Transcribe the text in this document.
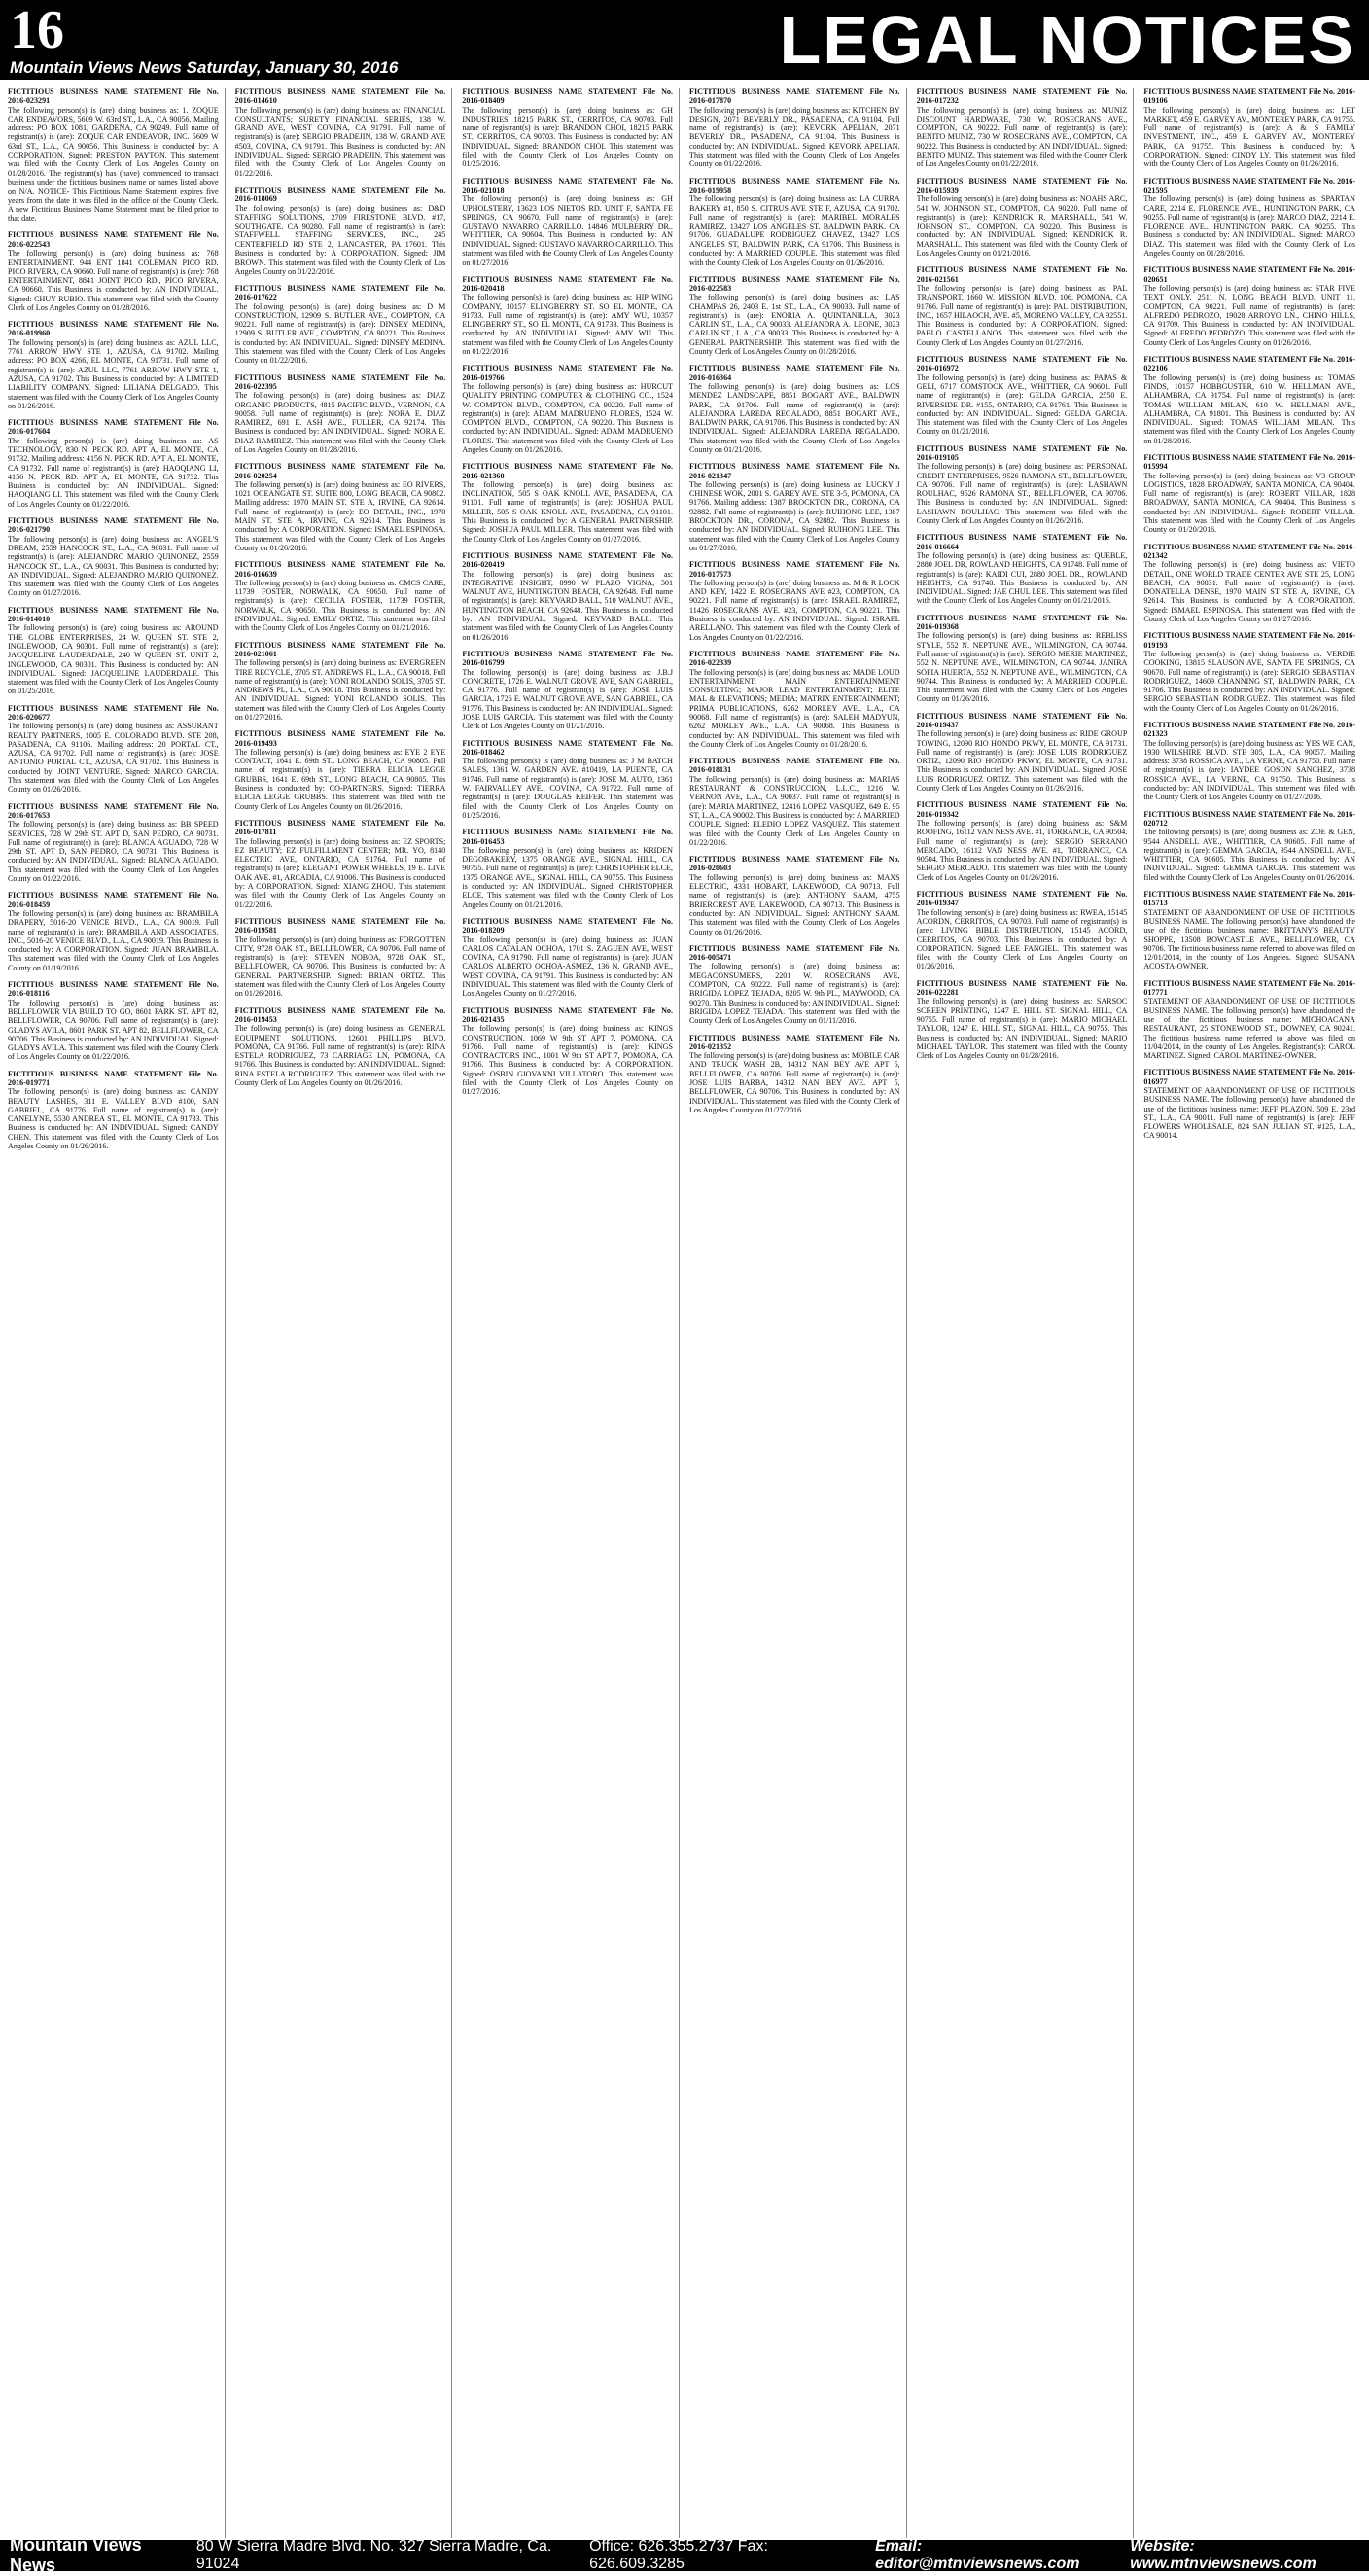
16
Mountain Views News Saturday, January 30, 2016	LEGAL NOTICES
FICTITIOUS BUSINESS NAME STATEMENT File No. 2016-023291
The following person(s) is (are) doing business as: 1. ZOQUE CAR ENDEAVORS, 5609 W. 63rd ST., L.A., CA 90056. Mailing address: PO BOX 1081, GARDENA, CA 90249. Full name of registrant(s) is (are): ZOQUE CAR ENDEAVOR, INC. 5609 W 63rd ST., L.A., CA 90056. This Business is conducted by: A CORPORATION. Signed: PRESTON PAYTON. This statement was filed with the County Clerk of Los Angeles County on 01/28/2016. The registrant(s) has (have) commenced to transact business under the fictitious business name or names listed above on N/A. NOTICE- This Fictitious Name Statement expires five years from the date it was filed in the office of the County Clerk. A new Fictitious Business Name Statement must be filed prior to that date.
FICTITIOUS BUSINESS NAME STATEMENT File No. 2016-022543
The following person(s) is (are) doing business as: 768 ENTERTAINMENT, 944 ENT 1841 COLEMAN PICO RD, PICO RIVERA, CA 90660. Full name of registrant(s) is (are): 768 ENTERTAINMENT, 8841 JOINT PICO RD., PICO RIVERA, CA 90660. This Business is conducted by: AN INDIVIDUAL. Signed: CHUY RUBIO. This statement was filed with the County Clerk of Los Angeles County on 01/28/2016.
FICTITIOUS BUSINESS NAME STATEMENT File No. 2016-019960
The following person(s) is (are) doing business as: AZUL LLC, 7761 ARROW HWY STE 1, AZUSA, CA 91702. Mailing address: PO BOX 4266, EL MONTE, CA 91731. Full name of registrant(s) is (are): AZUL LLC, 7761 ARROW HWY STE 1, AZUSA, CA 91702. This Business is conducted by: A LIMITED LIABILITY COMPANY. Signed: LILIANA DELGADO. This statement was filed with the County Clerk of Los Angeles County on 01/26/2016.
FICTITIOUS BUSINESS NAME STATEMENT File No. 2016-017604
The following person(s) is (are) doing business as: AS TECHNOLOGY, 830 N. PECK RD. APT A, EL MONTE, CA 91732. Mailing address: 4156 N. PECK RD. APT A, EL MONTE, CA 91732. Full name of registrant(s) is (are): HAOQIANG LI, 4156 N. PECK RD. APT A, EL MONTE, CA 91732. This Business is conducted by: AN INDIVIDUAL. Signed: HAOQIANG LI. This statement was filed with the County Clerk of Los Angeles County on 01/22/2016.
FICTITIOUS BUSINESS NAME STATEMENT File No. 2016-021790
The following person(s) is (are) doing business as: ANGEL'S DREAM, 2559 HANCOCK ST., L.A., CA 90031. Full name of registrant(s) is (are): ALEJANDRO MARIO QUINONEZ, 2559 HANCOCK ST., L.A., CA 90031. This Business is conducted by: AN INDIVIDUAL. Signed: ALEJANDRO MARIO QUINONEZ. This statement was filed with the County Clerk of Los Angeles County on 01/27/2016.
FICTITIOUS BUSINESS NAME STATEMENT File No. 2016-014010
The following person(s) is (are) doing business as: AROUND THE GLOBE ENTERPRISES, 24 W. QUEEN ST. STE 2, INGLEWOOD, CA 90301. Full name of registrant(s) is (are): JACQUELINE LAUDERDALE, 240 W QUEEN ST. UNIT 2, INGLEWOOD, CA 90301. This Business is conducted by: AN INDIVIDUAL. Signed: JACQUELINE LAUDERDALE. This statement was filed with the County Clerk of Los Angeles County on 01/25/2016.
FICTITIOUS BUSINESS NAME STATEMENT File No. 2016-020677
The following person(s) is (are) doing business as: ASSURANT REALTY PARTNERS, 1005 E. COLORADO BLVD. STE 208, PASADENA, CA 91106. Mailing address: 20 PORTAL CT., AZUSA, CA 91702. Full name of registrant(s) is (are): JOSE ANTONIO PORTAL CT., AZUSA, CA 91702. This Business is conducted by: JOINT VENTURE. Signed: MARCO GARCIA. This statement was filed with the County Clerk of Los Angeles County on 01/26/2016.
FICTITIOUS BUSINESS NAME STATEMENT File No. 2016-017653
The following person(s) is (are) doing business as: BB SPEED SERVICES, 728 W 29th ST. APT D, SAN PEDRO, CA 90731. Full name of registrant(s) is (are): BLANCA AGUADO, 728 W 29th ST. APT D, SAN PEDRO, CA 90731. This Business is conducted by: AN INDIVIDUAL. Signed: BLANCA AGUADO. This statement was filed with the County Clerk of Los Angeles County on 01/22/2016.
FICTITIOUS BUSINESS NAME STATEMENT File No. 2016-018459
The following person(s) is (are) doing business as: BRAMBILA DRAPERY, 5016-20 VENICE BLVD., L.A., CA 90019. Full name of registrant(s) is (are): BRAMBILA AND ASSOCIATES, INC., 5016-20 VENICE BLVD., L.A., CA 90019. This Business is conducted by: A CORPORATION. Signed: JUAN BRAMBILA. This statement was filed with the County Clerk of Los Angeles County on 01/19/2016.
FICTITIOUS BUSINESS NAME STATEMENT File No. 2016-018116
The following person(s) is (are) doing business as: BELLFLOWER VIA BUILD TO GO, 8601 PARK ST. APT 82, BELLFLOWER, CA 90706. Full name of registrant(s) is (are): GLADYS AVILA, 8601 PARK ST. APT 82, BELLFLOWER, CA 90706. This Business is conducted by: AN INDIVIDUAL. Signed: GLADYS AVILA. This statement was filed with the County Clerk of Los Angeles County on 01/22/2016.
FICTITIOUS BUSINESS NAME STATEMENT File No. 2016-019771
The following person(s) is (are) doing business as: CANDY BEAUTY LASHES, 311 E. VALLEY BLVD #100, SAN GABRIEL, CA 91776. Full name of registrant(s) is (are): CANELYNE, 5530 ANDREA ST., EL MONTE, CA 91733. This Business is conducted by: AN INDIVIDUAL. Signed: CANDY CHEN. This statement was filed with the County Clerk of Los Angeles County on 01/26/2016.
FICTITIOUS BUSINESS NAME STATEMENT File No. 2016-014610
The following person(s) is (are) doing business as: FINANCIAL CONSULTANTS; SURETY FINANCIAL SERIES, 138 W. GRAND AVE, WEST COVINA, CA 91791. Full name of registrant(s) is (are): SERGIO PRADEJIN, 138 W. GRAND AVE #503, COVINA, CA 91791. This Business is conducted by: AN INDIVIDUAL. Signed: SERGIO PRADEJIN. This statement was filed with the County Clerk of Los Angeles County on 01/22/2016.
FICTITIOUS BUSINESS NAME STATEMENT File No. 2016-018069
The following person(s) is (are) doing business as: D&D STAFFING SOLUTIONS, 2709 FIRESTONE BLVD. #17, SOUTHGATE, CA 90280. Full name of registrant(s) is (are): STAFFWELL STAFFING SERVICES, INC., 245 CENTERFIELD RD STE 2, LANCASTER, PA 17601. This Business is conducted by: A CORPORATION. Signed: JIM BROWN. This statement was filed with the County Clerk of Los Angeles County on 01/22/2016.
FICTITIOUS BUSINESS NAME STATEMENT File No. 2016-017622
The following person(s) is (are) doing business as: D M CONSTRUCTION, 12909 S. BUTLER AVE., COMPTON, CA 90221. Full name of registrant(s) is (are): DINSEY MEDINA, 12909 S. BUTLER AVE., COMPTON, CA 90221. This Business is conducted by: AN INDIVIDUAL. Signed: DINSEY MEDINA. This statement was filed with the County Clerk of Los Angeles County on 01/22/2016.
FICTITIOUS BUSINESS NAME STATEMENT File No. 2016-022395
The following person(s) is (are) doing business as: DIAZ ORGANIC PRODUCTS, 4815 PACIFIC BLVD., VERNON, CA 90058. Full name of registrant(s) is (are): NORA E. DIAZ RAMIREZ, 691 E. ASH AVE., FULLER, CA 92174. This Business is conducted by: AN INDIVIDUAL. Signed: NORA E. DIAZ RAMIREZ. This statement was filed with the County Clerk of Los Angeles County on 01/28/2016.
FICTITIOUS BUSINESS NAME STATEMENT File No. 2016-020254
The following person(s) is (are) doing business as: EO RIVERS, 1021 OCEANGATE ST. SUITE 800, LONG BEACH, CA 90802. Mailing address: 1970 MAIN ST. STE A, IRVINE, CA 92614. Full name of registrant(s) is (are): EO DETAIL, INC., 1970 MAIN ST. STE A, IRVINE, CA 92614. This Business is conducted by: A CORPORATION. Signed: ISMAEL ESPINOSA. This statement was filed with the County Clerk of Los Angeles County on 01/26/2016.
FICTITIOUS BUSINESS NAME STATEMENT File No. 2016-016639
The following person(s) is (are) doing business as: CMCS CARE, 11739 FOSTER, NORWALK, CA 90650. Full name of registrant(s) is (are): CECILIA FOSTER, 11739 FOSTER, NORWALK, CA 90650. This Business is conducted by: AN INDIVIDUAL. Signed: EMILY ORTIZ. This statement was filed with the County Clerk of Los Angeles County on 01/21/2016.
FICTITIOUS BUSINESS NAME STATEMENT File No. 2016-021061
The following person(s) is (are) doing business as: EVERGREEN TIRE RECYCLE, 3705 ST. ANDREWS PL, L.A., CA 90018. Full name of registrant(s) is (are): YONI ROLANDO SOLIS, 3705 ST. ANDREWS PL, L.A., CA 90018. This Business is conducted by: AN INDIVIDUAL. Signed: YONI ROLANDO SOLIS. This statement was filed with the County Clerk of Los Angeles County on 01/27/2016.
FICTITIOUS BUSINESS NAME STATEMENT File No. 2016-019493
The following person(s) is (are) doing business as: EYE 2 EYE CONTACT, 1641 E. 69th ST., LONG BEACH, CA 90805. Full name of registrant(s) is (are): TIERRA ELICIA LEGGE GRUBBS, 1641 E. 69th ST., LONG BEACH, CA 90805. This Business is conducted by: CO-PARTNERS. Signed: TIERRA ELICIA LEGGE GRUBBS. This statement was filed with the County Clerk of Los Angeles County on 01/26/2016.
FICTITIOUS BUSINESS NAME STATEMENT File No. 2016-017811
The following person(s) is (are) doing business as: EZ SPORTS; EZ BEAUTY; EZ FULFILLMENT CENTER; MR. YO, 8140 ELECTRIC AVE, ONTARIO, CA 91764. Full name of registrant(s) is (are): ELEGANT POWER WHEELS, 19 E. LIVE OAK AVE. #1, ARCADIA, CA 91006. This Business is conducted by: A CORPORATION. Signed: XIANG ZHOU. This statement was filed with the County Clerk of Los Angeles County on 01/22/2016.
FICTITIOUS BUSINESS NAME STATEMENT File No. 2016-019581
The following person(s) is (are) doing business as: FORGOTTEN CITY, 9728 OAK ST., BELLFLOWER, CA 90706. Full name of registrant(s) is (are): STEVEN NOBOA, 9728 OAK ST., BELLFLOWER, CA 90706. This Business is conducted by: A GENERAL PARTNERSHIP. Signed: BRIAN ORTIZ. This statement was filed with the County Clerk of Los Angeles County on 01/26/2016.
FICTITIOUS BUSINESS NAME STATEMENT File No. 2016-019453
The following person(s) is (are) doing business as: GENERAL EQUIPMENT SOLUTIONS, 12601 PHILLIPS BLVD, POMONA, CA 91766. Full name of registrant(s) is (are): RINA ESTELA RODRIGUEZ, 73 CARRIAGE LN, POMONA, CA 91766. This Business is conducted by: AN INDIVIDUAL. Signed: RINA ESTELA RODRIGUEZ. This statement was filed with the County Clerk of Los Angeles County on 01/26/2016.
FICTITIOUS BUSINESS NAME STATEMENT File No. 2016-018409
The following person(s) is (are) doing business as: GH INDUSTRIES, 18215 PARK ST., CERRITOS, CA 90703. Full name of registrant(s) is (are): BRANDON CHOI, 18215 PARK ST., CERRITOS, CA 90703. This Business is conducted by: AN INDIVIDUAL. Signed: BRANDON CHOI. This statement was filed with the County Clerk of Los Angeles County on 01/25/2016.
FICTITIOUS BUSINESS NAME STATEMENT File No. 2016-021018
The following person(s) is (are) doing business as: GH UPHOLSTERY, 13623 LOS NIETOS RD. UNIT F, SANTA FE SPRINGS, CA 90670. Full name of registrant(s) is (are): GUSTAVO NAVARRO CARRILLO, 14846 MULBERRY DR., WHITTIER, CA 90604. This Business is conducted by: AN INDIVIDUAL. Signed: GUSTAVO NAVARRO CARRILLO. This statement was filed with the County Clerk of Los Angeles County on 01/27/2016.
FICTITIOUS BUSINESS NAME STATEMENT File No. 2016-020418
The following person(s) is (are) doing business as: HIP WING COMPANY, 10157 ELINGBERRY ST. SO EL MONTE, CA 91733. Full name of registrant(s) is (are): AMY WU, 10357 ELINGBERRY ST., SO EL MONTE, CA 91733. This Business is conducted by: AN INDIVIDUAL. Signed: AMY WU. This statement was filed with the County Clerk of Los Angeles County on 01/22/2016.
FICTITIOUS BUSINESS NAME STATEMENT File No. 2016-019766
The following person(s) is (are) doing business as: HURCUT QUALITY PRINTING COMPUTER & CLOTHING CO., 1524 W. COMPTON BLVD., COMPTON, CA 90220. Full name of registrant(s) is (are): ADAM MADRUENO FLORES, 1524 W. COMPTON BLVD., COMPTON, CA 90220. This Business is conducted by: AN INDIVIDUAL. Signed: ADAM MADRUENO FLORES. This statement was filed with the County Clerk of Los Angeles County on 01/26/2016.
FICTITIOUS BUSINESS NAME STATEMENT File No. 2016-021360
The following person(s) is (are) doing business as: INCLINATION, 505 S OAK KNOLL AVE, PASADENA, CA 91101. Full name of registrant(s) is (are): JOSHUA PAUL MILLER, 505 S OAK KNOLL AVE, PASADENA, CA 91101. This Business is conducted by: A GENERAL PARTNERSHIP. Signed: JOSHUA PAUL MILLER. This statement was filed with the County Clerk of Los Angeles County on 01/27/2016.
FICTITIOUS BUSINESS NAME STATEMENT File No. 2016-020419
The following person(s) is (are) doing business as: INTEGRATIVE INSIGHT, 8990 W PLAZO VIGNA, 501 WALNUT AVE, HUNTINGTON BEACH, CA 92648. Full name of registrant(s) is (are): KEYVARD BALL, 510 WALNUT AVE., HUNTINGTON BEACH, CA 92648. This Business is conducted by: AN INDIVIDUAL. Signed: KEYVARD BALL. This statement was filed with the County Clerk of Los Angeles County on 01/26/2016.
FICTITIOUS BUSINESS NAME STATEMENT File No. 2016-016799
The following person(s) is (are) doing business as: J.B.J CONCRETE, 1726 E. WALNUT GROVE AVE, SAN GABRIEL, CA 91776. Full name of registrant(s) is (are): JOSE LUIS GARCIA, 1726 E. WALNUT GROVE AVE, SAN GABRIEL, CA 91776. This Business is conducted by: AN INDIVIDUAL. Signed: JOSE LUIS GARCIA. This statement was filed with the County Clerk of Los Angeles County on 01/21/2016.
FICTITIOUS BUSINESS NAME STATEMENT File No. 2016-018462
The following person(s) is (are) doing business as: J M BATCH SALES, 1361 W. GARDEN AVE. #10419, LA PUENTE, CA 91746. Full name of registrant(s) is (are): JOSE M. AUTO, 1361 W. FAIRVALLEY AVE., COVINA, CA 91722. Full name of registrant(s) is (are): DOUGLAS KEIFER. This statement was filed with the County Clerk of Los Angeles County on 01/25/2016.
FICTITIOUS BUSINESS NAME STATEMENT File No. 2016-016453
The following person(s) is (are) doing business as: KRIDEN DEGOBAKERY, 1375 ORANGE AVE., SIGNAL HILL, CA 90755. Full name of registrant(s) is (are): CHRISTOPHER ELCE, 1375 ORANGE AVE., SIGNAL HILL, CA 90755. This Business is conducted by: AN INDIVIDUAL. Signed: CHRISTOPHER ELCE. This statement was filed with the County Clerk of Los Angeles County on 01/21/2016.
FICTITIOUS BUSINESS NAME STATEMENT File No. 2016-018209
The following person(s) is (are) doing business as: JUAN CARLOS CATALAN OCHOA, 1701 S. ZAGUEN AVE, WEST COVINA, CA 91790. Full name of registrant(s) is (are): JUAN CARLOS ALBERTO OCHOA-ASMEZ, 136 N. GRAND AVE., WEST COVINA, CA 91791. This Business is conducted by: AN INDIVIDUAL. This statement was filed with the County Clerk of Los Angeles County on 01/27/2016.
FICTITIOUS BUSINESS NAME STATEMENT File No. 2016-021435
The following person(s) is (are) doing business as: KINGS CONSTRUCTION, 1069 W 9th ST APT 7, POMONA, CA 91766. Full name of registrant(s) is (are): KINGS CONTRACTORS INC., 1001 W 9th ST APT 7, POMONA, CA 91766. This Business is conducted by: A CORPORATION. Signed: OSBIN GIOVANNI VILLATORO. This statement was filed with the County Clerk of Los Angeles County on 01/27/2016.
FICTITIOUS BUSINESS NAME STATEMENT File No. 2016-017870
The following person(s) is (are) doing business as: KITCHEN BY DESIGN, 2071 BEVERLY DR., PASADENA, CA 91104. Full name of registrant(s) is (are): KEVORK APELIAN, 2071 BEVERLY DR., PASADENA, CA 91104. This Business is conducted by: AN INDIVIDUAL. Signed: KEVORK APELIAN. This statement was filed with the County Clerk of Los Angeles County on 01/22/2016.
FICTITIOUS BUSINESS NAME STATEMENT File No. 2016-019958
The following person(s) is (are) doing business as: LA CURRA BAKERY #1, 850 S. CITRUS AVE STE F, AZUSA, CA 91702. Full name of registrant(s) is (are): MARIBEL MORALES RAMIREZ, 13427 LOS ANGELES ST, BALDWIN PARK, CA 91706. GUADALUPE RODRIGUEZ CHAVEZ, 13427 LOS ANGELES ST, BALDWIN PARK, CA 91706. This Business is conducted by: A MARRIED COUPLE. This statement was filed with the County Clerk of Los Angeles County on 01/26/2016.
FICTITIOUS BUSINESS NAME STATEMENT File No. 2016-022583
The following person(s) is (are) doing business as: LAS CHAMPAS 26, 2403 E. 1st ST., L.A., CA 90033. Full name of registrant(s) is (are): ENORIA A. QUINTANILLA, 3023 CARLIN ST., L.A., CA 90033. ALEJANDRA A. LEONE, 3023 CARLIN ST., L.A., CA 90033. This Business is conducted by: A GENERAL PARTNERSHIP. This statement was filed with the County Clerk of Los Angeles County on 01/28/2016.
FICTITIOUS BUSINESS NAME STATEMENT File No. 2016-016364
The following person(s) is (are) doing business as: LOS MENDEZ LANDSCAPE, 8851 BOGART AVE., BALDWIN PARK, CA 91706. Full name of registrant(s) is (are): ALEJANDRA LAREDA REGALADO, 8851 BOGART AVE., BALDWIN PARK, CA 91706. This Business is conducted by: AN INDIVIDUAL. Signed: ALEJANDRA LAREDA REGALADO. This statement was filed with the County Clerk of Los Angeles County on 01/21/2016.
FICTITIOUS BUSINESS NAME STATEMENT File No. 2016-021347
The following person(s) is (are) doing business as: LUCKY J CHINESE WOK, 2001 S. GAREY AVE. STE 3-5, POMONA, CA 91766. Mailing address: 1387 BROCKTON DR., CORONA, CA 92882. Full name of registrant(s) is (are): RUIHONG LEE, 1387 BROCKTON DR., CORONA, CA 92882. This Business is conducted by: AN INDIVIDUAL. Signed: RUIHONG LEE. This statement was filed with the County Clerk of Los Angeles County on 01/27/2016.
FICTITIOUS BUSINESS NAME STATEMENT File No. 2016-017573
The following person(s) is (are) doing business as: M & R LOCK AND KEY, 1422 E. ROSECRANS AVE #23, COMPTON, CA 90221. Full name of registrant(s) is (are): ISRAEL RAMIREZ, 11426 ROSECRANS AVE. #23, COMPTON, CA 90221. This Business is conducted by: AN INDIVIDUAL. Signed: ISRAEL ARELLANO. This statement was filed with the County Clerk of Los Angeles County on 01/22/2016.
FICTITIOUS BUSINESS NAME STATEMENT File No. 2016-022339
The following person(s) is (are) doing business as: MADE LOUD ENTERTAINMENT; MAIN ENTERTAINMENT CONSULTING; MAJOR LEAD ENTERTAINMENT; ELITE MAL & ELEVATIONS; MEDIA; MATRIX ENTERTAINMENT; PRIMA PUBLICATIONS, 6262 MORLEY AVE., L.A., CA 90068. Full name of registrant(s) is (are): SALEH MADYUN, 6262 MORLEY AVE., L.A., CA 90068. This Business is conducted by: AN INDIVIDUAL. This statement was filed with the County Clerk of Los Angeles County on 01/28/2016.
FICTITIOUS BUSINESS NAME STATEMENT File No. 2016-018131
The following person(s) is (are) doing business as: MARIAS RESTAURANT & CONSTRUCCION, L.L.C., 1216 W. VERNON AVE, L.A., CA 90037. Full name of registrant(s) is (are): MARIA MARTINEZ, 12416 LOPEZ VASQUEZ, 649 E. 95 ST, L.A., CA 90002. This Business is conducted by: A MARRIED COUPLE. Signed: ELEDIO LOPEZ VASQUEZ. This statement was filed with the County Clerk of Los Angeles County on 01/22/2016.
FICTITIOUS BUSINESS NAME STATEMENT File No. 2016-020603
The following person(s) is (are) doing business as: MAXS ELECTRIC, 4331 HOBART, LAKEWOOD, CA 90713. Full name of registrant(s) is (are): ANTHONY SAAM, 4755 BRIERCREST AVE, LAKEWOOD, CA 90713. This Business is conducted by: AN INDIVIDUAL. Signed: ANTHONY SAAM. This statement was filed with the County Clerk of Los Angeles County on 01/26/2016.
FICTITIOUS BUSINESS NAME STATEMENT File No. 2016-005471
The following person(s) is (are) doing business as: MEGACONSUMERS, 2201 W. ROSECRANS AVE, COMPTON, CA 90222. Full name of registrant(s) is (are): BRIGIDA LOPEZ TEJADA, 8205 W. 9th PL., MAYWOOD, CA 90270. This Business is conducted by: AN INDIVIDUAL. Signed: BRIGIDA LOPEZ TEJADA. This statement was filed with the County Clerk of Los Angeles County on 01/11/2016.
FICTITIOUS BUSINESS NAME STATEMENT File No. 2016-021352
The following person(s) is (are) doing business as: MOBILE CAR AND TRUCK WASH 2B, 14312 NAN BEY AVE APT 5, BELLFLOWER, CA 90706. Full name of registrant(s) is (are): JOSE LUIS BARBA, 14312 NAN BEY AVE. APT 5, BELLFLOWER, CA 90706. This Business is conducted by: AN INDIVIDUAL. This statement was filed with the County Clerk of Los Angeles County on 01/27/2016.
FICTITIOUS BUSINESS NAME STATEMENT File No. 2016-017232
The following person(s) is (are) doing business as: MUNIZ DISCOUNT HARDWARE, 730 W. ROSECRANS AVE., COMPTON, CA 90222. Full name of registrant(s) is (are): BENITO MUNIZ, 730 W. ROSECRANS AVE., COMPTON, CA 90222. This Business is conducted by: AN INDIVIDUAL. Signed: BENITO MUNIZ. This statement was filed with the County Clerk of Los Angeles County on 01/22/2016.
FICTITIOUS BUSINESS NAME STATEMENT File No. 2016-015939
The following person(s) is (are) doing business as: NOAHS ARC, 541 W. JOHNSON ST., COMPTON, CA 90220. Full name of registrant(s) is (are): KENDRICK R. MARSHALL, 541 W. JOHNSON ST., COMPTON, CA 90220. This Business is conducted by: AN INDIVIDUAL. Signed: KENDRICK R. MARSHALL. This statement was filed with the County Clerk of Los Angeles County on 01/21/2016.
FICTITIOUS BUSINESS NAME STATEMENT File No. 2016-021561
The following person(s) is (are) doing business as: PAL TRANSPORT, 1660 W. MISSION BLVD. 106, POMONA, CA 91766. Full name of registrant(s) is (are): PAL DISTRIBUTION, INC., 1657 HILAOCH, AVE. #5, MORENO VALLEY, CA 92551. This Business is conducted by: A CORPORATION. Signed: PABLO CASTELLANOS. This statement was filed with the County Clerk of Los Angeles County on 01/27/2016.
FICTITIOUS BUSINESS NAME STATEMENT File No. 2016-016972
The following person(s) is (are) doing business as: PAPAS & GELI, 6717 COMSTOCK AVE., WHITTIER, CA 90601. Full name of registrant(s) is (are): GELDA GARCIA, 2550 E. RIVERSIDE DR. #155, ONTARIO, CA 91761. This Business is conducted by: AN INDIVIDUAL. Signed: GELDA GARCIA. This statement was filed with the County Clerk of Los Angeles County on 01/21/2016.
FICTITIOUS BUSINESS NAME STATEMENT File No. 2016-019105
The following person(s) is (are) doing business as: PERSONAL CREDIT ENTERPRISES, 9526 RAMONA ST., BELLFLOWER, CA 90706. Full name of registrant(s) is (are): LASHAWN ROULHAC, 9526 RAMONA ST., BELLFLOWER, CA 90706. This Business is conducted by: AN INDIVIDUAL. Signed: LASHAWN ROULHAC. This statement was filed with the County Clerk of Los Angeles County on 01/26/2016.
FICTITIOUS BUSINESS NAME STATEMENT File No. 2016-016664
The following person(s) is (are) doing business as: QUEBLE, 2880 JOEL DR, ROWLAND HEIGHTS, CA 91748. Full name of registrant(s) is (are): KAIDI CUI, 2880 JOEL DR., ROWLAND HEIGHTS, CA 91748. This Business is conducted by: AN INDIVIDUAL. Signed: JAE CHUL LEE. This statement was filed with the County Clerk of Los Angeles County on 01/21/2016.
FICTITIOUS BUSINESS NAME STATEMENT File No. 2016-019368
The following person(s) is (are) doing business as: REBLISS STYLE, 552 N. NEPTUNE AVE., WILMINGTON, CA 90744. Full name of registrant(s) is (are): SERGIO MERIE MARTINEZ, 552 N. NEPTUNE AVE., WILMINGTON, CA 90744. JANIRA SOFIA HUERTA, 552 N. NEPTUNE AVE., WILMINGTON, CA 90744. This Business is conducted by: A MARRIED COUPLE. This statement was filed with the County Clerk of Los Angeles County on 01/26/2016.
FICTITIOUS BUSINESS NAME STATEMENT File No. 2016-019437
The following person(s) is (are) doing business as: RIDE GROUP TOWING, 12090 RIO HONDO PKWY, EL MONTE, CA 91731. Full name of registrant(s) is (are): JOSE LUIS RODRIGUEZ ORTIZ, 12090 RIO HONDO PKWY, EL MONTE, CA 91731. This Business is conducted by: AN INDIVIDUAL. Signed: JOSE LUIS RODRIGUEZ ORTIZ. This statement was filed with the County Clerk of Los Angeles County on 01/26/2016.
FICTITIOUS BUSINESS NAME STATEMENT File No. 2016-019342
The following person(s) is (are) doing business as: S&M ROOFING, 16112 VAN NESS AVE. #1, TORRANCE, CA 90504. Full name of registrant(s) is (are): SERGIO SERRANO MERCADO, 16112 VAN NESS AVE. #1, TORRANCE, CA 90504. This Business is conducted by: AN INDIVIDUAL. Signed: SERGIO MERCADO. This statement was filed with the County Clerk of Los Angeles County on 01/26/2016.
FICTITIOUS BUSINESS NAME STATEMENT File No. 2016-019347
The following person(s) is (are) doing business as: RWEA, 15145 ACORDN, CERRITOS, CA 90703. Full name of registrant(s) is (are): LIVING BIBLE DISTRIBUTION, 15145 ACORD, CERRITOS, CA 90703. This Business is conducted by: A CORPORATION. Signed: LEE FANGIEL. This statement was filed with the County Clerk of Los Angeles County on 01/26/2016.
FICTITIOUS BUSINESS NAME STATEMENT File No. 2016-022281
The following person(s) is (are) doing business as: SARSOC SCREEN PRINTING, 1247 E. HILL ST. SIGNAL HILL, CA 90755. Full name of registrant(s) is (are): MARIO MICHAEL TAYLOR, 1247 E. HILL ST., SIGNAL HILL, CA 90755. This Business is conducted by: AN INDIVIDUAL. Signed: MARIO MICHAEL TAYLOR. This statement was filed with the County Clerk of Los Angeles County on 01/28/2016.
FICTITIOUS BUSINESS NAME STATEMENT File No. 2016-019106
The following person(s) is (are) doing business as: LET MARKET, 459 E. GARVEY AV., MONTEREY PARK, CA 91755. Full name of registrant(s) is (are): A & S FAMILY INVESTMENT, INC., 459 E. GARVEY AV., MONTEREY PARK, CA 91755. This Business is conducted by: A CORPORATION. Signed: CINDY LY. This statement was filed with the County Clerk of Los Angeles County on 01/26/2016.
FICTITIOUS BUSINESS NAME STATEMENT File No. 2016-021595
The following person(s) is (are) doing business as: SPARTAN CARE, 2214 E. FLORENCE AVE., HUNTINGTON PARK, CA 90255. Full name of registrant(s) is (are): MARCO DIAZ, 2214 E. FLORENCE AVE., HUNTINGTON PARK, CA 90255. This Business is conducted by: AN INDIVIDUAL. Signed: MARCO DIAZ. This statement was filed with the County Clerk of Los Angeles County on 01/28/2016.
FICTITIOUS BUSINESS NAME STATEMENT File No. 2016-020651
The following person(s) is (are) doing business as: STAR FIVE TEXT ONLY, 2511 N. LONG BEACH BLVD. UNIT 11, COMPTON, CA 90221. Full name of registrant(s) is (are): ALFREDO PEDROZO, 19028 ARROYO LN., CHINO HILLS, CA 91709. This Business is conducted by: AN INDIVIDUAL. Signed: ALFREDO PEDROZO. This statement was filed with the County Clerk of Los Angeles County on 01/26/2016.
FICTITIOUS BUSINESS NAME STATEMENT File No. 2016-022106
The following person(s) is (are) doing business as: TOMAS FINDS, 10157 HOBBGUSTER, 610 W. HELLMAN AVE., ALHAMBRA, CA 91754. Full name of registrant(s) is (are): TOMAS WILLIAM MILAN, 610 W. HELLMAN AVE., ALHAMBRA, CA 91801. This Business is conducted by: AN INDIVIDUAL. Signed: TOMAS WILLIAM MILAN. This statement was filed with the County Clerk of Los Angeles County on 01/28/2016.
FICTITIOUS BUSINESS NAME STATEMENT File No. 2016-015994
The following person(s) is (are) doing business as: V3 GROUP LOGISTICS, 1828 BROADWAY, SANTA MONICA, CA 90404. Full name of registrant(s) is (are): ROBERT VILLAR, 1828 BROADWAY, SANTA MONICA, CA 90404. This Business is conducted by: AN INDIVIDUAL. Signed: ROBERT VILLAR. This statement was filed with the County Clerk of Los Angeles County on 01/20/2016.
FICTITIOUS BUSINESS NAME STATEMENT File No. 2016-021342
The following person(s) is (are) doing business as: VIETO DETAIL, ONE WORLD TRADE CENTER AVE STE 25, LONG BEACH, CA 90831. Full name of registrant(s) is (are): DONATELLA DENSE, 1970 MAIN ST STE A, IRVINE, CA 92614. This Business is conducted by: A CORPORATION. Signed: ISMAEL ESPINOSA. This statement was filed with the County Clerk of Los Angeles County on 01/27/2016.
FICTITIOUS BUSINESS NAME STATEMENT File No. 2016-019193
The following person(s) is (are) doing business as: VERDIE COOKING, 13815 SLAUSON AVE, SANTA FE SPRINGS, CA 90670. Full name of registrant(s) is (are): SERGIO SEBASTIAN RODRIGUEZ, 14609 CHANNING ST, BALDWIN PARK, CA 91706. This Business is conducted by: AN INDIVIDUAL. Signed: SERGIO SEBASTIAN RODRIGUEZ. This statement was filed with the County Clerk of Los Angeles County on 01/26/2016.
FICTITIOUS BUSINESS NAME STATEMENT File No. 2016-021323
The following person(s) is (are) doing business as: YES WE CAN, 1930 WILSHIRE BLVD. STE 305, L.A., CA 90057. Mailing address: 3738 ROSSICA AVE., LA VERNE, CA 91750. Full name of registrant(s) is (are): IAYDEE GOSON SANCHEZ, 3738 ROSSICA AVE., LA VERNE, CA 91750. This Business is conducted by: AN INDIVIDUAL. This statement was filed with the County Clerk of Los Angeles County on 01/27/2016.
FICTITIOUS BUSINESS NAME STATEMENT File No. 2016-020712
The following person(s) is (are) doing business as: ZOE & GEN, 9544 ANSDELL AVE., WHITTIER, CA 90605. Full name of registrant(s) is (are): GEMMA GARCIA, 9544 ANSDELL AVE., WHITTIER, CA 90605. This Business is conducted by: AN INDIVIDUAL. Signed: GEMMA GARCIA. This statement was filed with the County Clerk of Los Angeles County on 01/26/2016.
FICTITIOUS BUSINESS NAME STATEMENT File No. 2016-015713
STATEMENT OF ABANDONMENT OF USE OF FICTITIOUS BUSINESS NAME. The following person(s) have abandoned the use of the fictitious business name: BRITTANY'S BEAUTY SHOPPE, 13508 BOWCASTLE AVE., BELLFLOWER, CA 90706. The fictitious business name referred to above was filed on 12/01/2014, in the county of Los Angeles. Signed: SUSANA ACOSTA-OWNER.
FICTITIOUS BUSINESS NAME STATEMENT File No. 2016-017771
STATEMENT OF ABANDONMENT OF USE OF FICTITIOUS BUSINESS NAME. The following person(s) have abandoned the use of the fictitious business name: MICHOACANA RESTAURANT, 25 STONEWOOD ST., DOWNEY, CA 90241. The fictitious business name referred to above was filed on 11/04/2014, in the county of Los Angeles. Registrant(s): CAROL MARTINEZ. Signed: CAROL MARTINEZ-OWNER.
FICTITIOUS BUSINESS NAME STATEMENT File No. 2016-016977
STATEMENT OF ABANDONMENT OF USE OF FICTITIOUS BUSINESS NAME. The following person(s) have abandoned the use of the fictitious business name: JEFF PLAZON, 509 E. 23rd ST., L.A., CA 90011. Full name of registrant(s) is (are): JEFF FLOWERS WHOLESALE, 824 SAN JULIAN ST. #125, L.A., CA 90014.
Mountain Views News
80 W Sierra Madre Blvd. No. 327 Sierra Madre, Ca. 91024
Office: 626.355.2737 Fax: 626.609.3285
Email: editor@mtnviewsnews.com
Website: www.mtnviewsnews.com
